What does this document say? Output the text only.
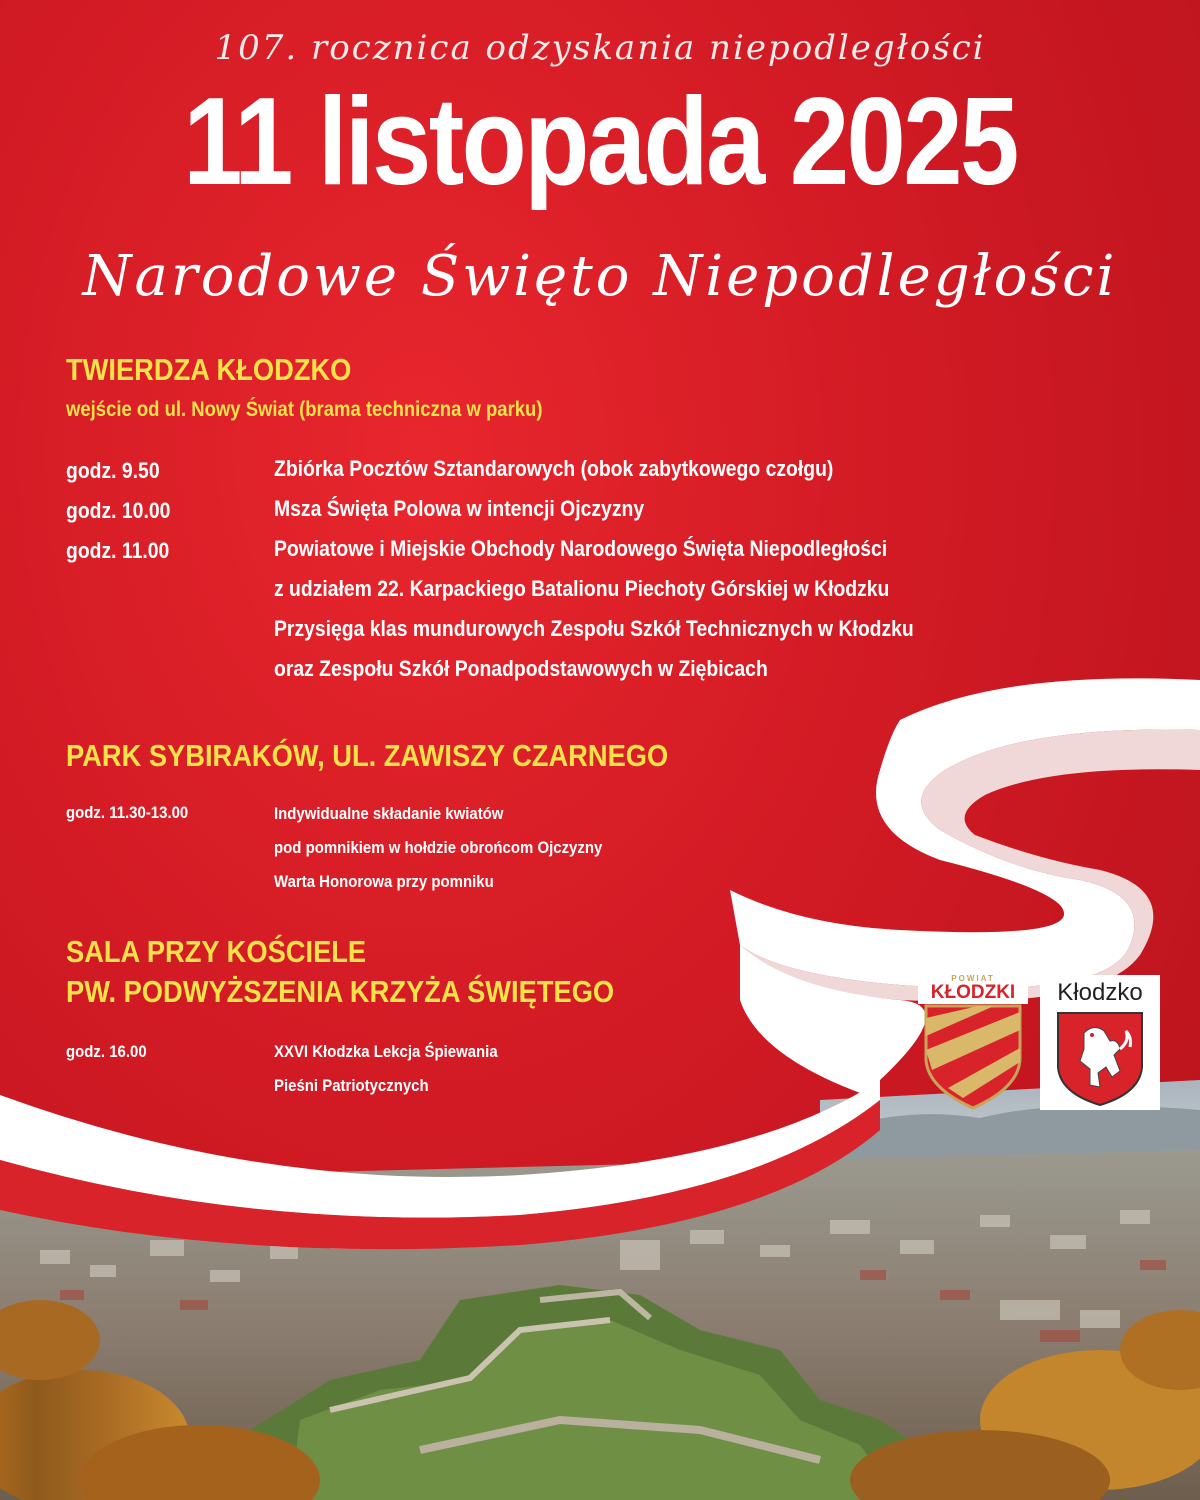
107. rocznica odzyskania niepodległości
11 listopada 2025
Narodowe Święto Niepodległości
TWIERDZA KŁODZKO
wejście od ul. Nowy Świat (brama techniczna w parku)
godz. 9.50	Zbiórka Pocztów Sztandarowych (obok zabytkowego czołgu)
godz. 10.00	Msza Święta Polowa w intencji Ojczyzny
godz. 11.00	Powiatowe i Miejskie Obchody Narodowego Święta Niepodległości
z udziałem 22. Karpackiego Batalionu Piechoty Górskiej w Kłodzku
Przysięga klas mundurowych Zespołu Szkół Technicznych w Kłodzku
oraz Zespołu Szkół Ponadpodstawowych w Ziębicach
PARK SYBIRAKÓW, UL. ZAWISZY CZARNEGO
godz. 11.30-13.00	Indywidualne składanie kwiatów
pod pomnikiem w hołdzie obrońcom Ojczyzny
Warta Honorowa przy pomniku
SALA PRZY KOŚCIELE
PW. PODWYŻSZENIA KRZYŻA ŚWIĘTEGO
godz. 16.00	XXVI Kłodzka Lekcja Śpiewania
Pieśni Patriotycznych
POWIAT
KŁODZKI	Kłodzko
